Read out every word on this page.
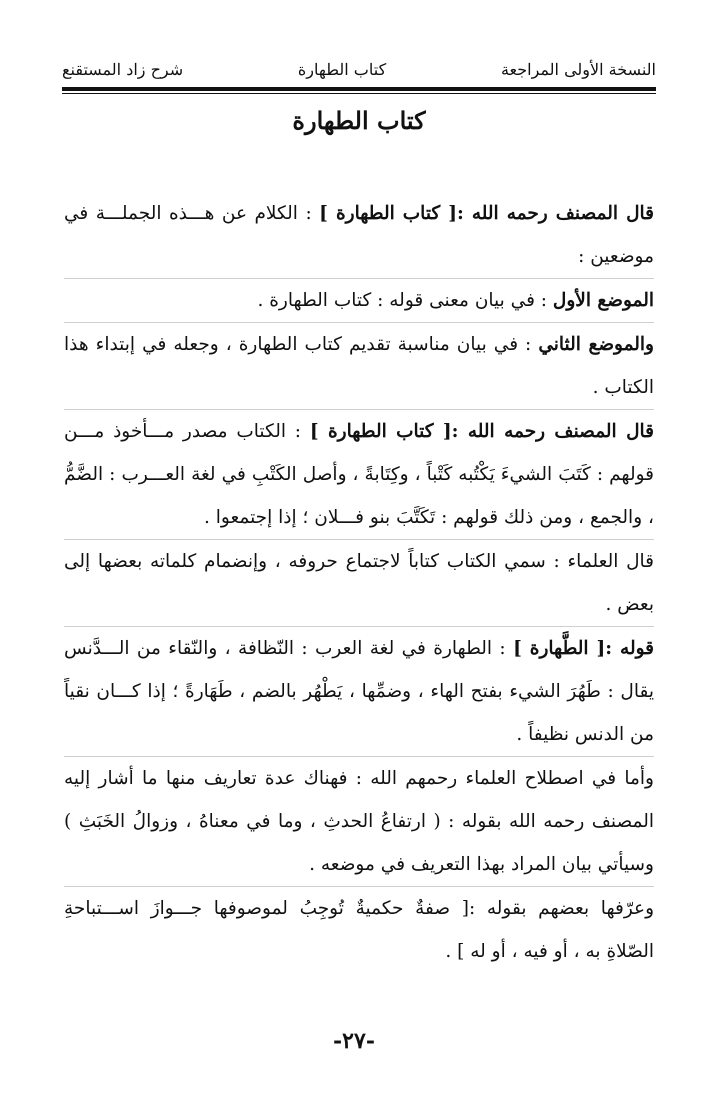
شرح زاد المستقنع	كتاب الطهارة	النسخة الأولى المراجعة
كتاب الطهارة

قال المصنف رحمه الله :[ كتاب الطهارة ] : الكلام عن هـــذه الجملـــة في موضعين :

الموضع الأول : في بيان معنى قوله : كتاب الطهارة .

والموضع الثاني : في بيان مناسبة تقديم كتاب الطهارة ، وجعله في إبتداء هذا الكتاب .

قال المصنف رحمه الله :[ كتاب الطهارة ] : الكتاب مصدر مـــأخوذ مـــن قولهم : كَتَبَ الشيءَ يَكْتُبه كَتْباً ، وكِتَابةً ، وأصل الكَتْبِ في لغة العـــرب : الضَّمُّ ، والجمع ، ومن ذلك قولهم : تَكَتَّبَ بنو فـــلان ؛ إذا إجتمعوا .

قال العلماء : سمي الكتاب كتاباً لاجتماع حروفه ، وإنضمام كلماته بعضها إلى بعض .

قوله :[ الطَّهارة ] : الطهارة في لغة العرب : النّظافة ، والنّقاء من الـــدَّنس يقال : طَهُرَ الشيء بفتح الهاء ، وضمِّها ، يَطْهُر بالضم ، طَهَارةً ؛ إذا كـــان نقياً من الدنس نظيفاً .

وأما في اصطلاح العلماء رحمهم الله : فهناك عدة تعاريف منها ما أشار إليه المصنف رحمه الله بقوله : ( ارتفاعُ الحدثِ ، وما في معناهُ ، وزوالُ الخَبَثِ ) وسيأتي بيان المراد بهذا التعريف في موضعه .

وعرّفها بعضهم بقوله :[ صفةٌ حكميةٌ تُوجِبُ لموصوفها جـــوازَ اســـتباحةِ الصّلاةِ به ، أو فيه ، أو له ] .

-٢٧-
